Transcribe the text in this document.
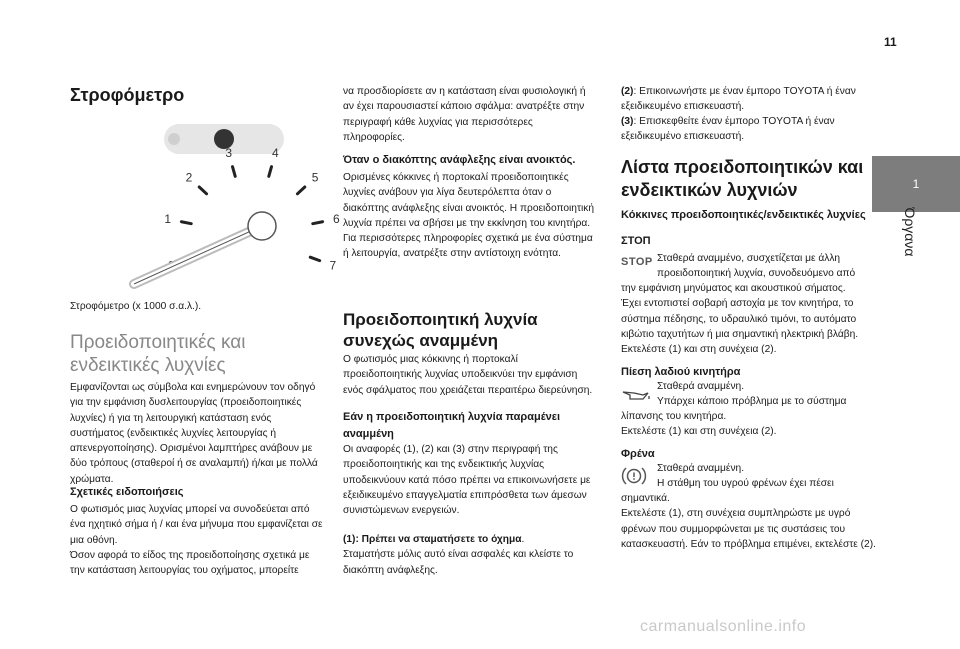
11
1
Όργανα
Στροφόμετρο
1
2
3	4
5
6
7

Στροφόμετρο (x 1000 σ.α.λ.).

Προειδοποιητικές και ενδεικτικές λυχνίες

Εμφανίζονται ως σύμβολα και ενημερώνουν τον οδηγό για την εμφάνιση δυσλειτουργίας (προειδοποιητικές λυχνίες) ή για τη λειτουργική κατάσταση ενός συστήματος (ενδεικτικές λυχνίες λειτουργίας ή απενεργοποίησης). Ορισμένοι λαμπτήρες ανάβουν με δύο τρόπους (σταθεροί ή σε αναλαμπή) ή/και με πολλά χρώματα.

Σχετικές ειδοποιήσεις

Ο φωτισμός μιας λυχνίας μπορεί να συνοδεύεται από ένα ηχητικό σήμα ή / και ένα μήνυμα που εμφανίζεται σε μια οθόνη.
Όσον αφορά το είδος της προειδοποίησης σχετικά με την κατάσταση λειτουργίας του οχήματος, μπορείτε

να προσδιορίσετε αν η κατάσταση είναι φυσιολογική ή αν έχει παρουσιαστεί κάποιο σφάλμα: ανατρέξτε στην περιγραφή κάθε λυχνίας για περισσότερες πληροφορίες.

Όταν ο διακόπτης ανάφλεξης είναι ανοικτός.

Ορισμένες κόκκινες ή πορτοκαλί προειδοποιητικές λυχνίες ανάβουν για λίγα δευτερόλεπτα όταν ο διακόπτης ανάφλεξης είναι ανοικτός. Η προειδοποιητική λυχνία πρέπει να σβήσει με την εκκίνηση του κινητήρα.
Για περισσότερες πληροφορίες σχετικά με ένα σύστημα ή λειτουργία, ανατρέξτε στην αντίστοιχη ενότητα.

Προειδοποιητική λυχνία συνεχώς αναμμένη

Ο φωτισμός μιας κόκκινης ή πορτοκαλί προειδοποιητικής λυχνίας υποδεικνύει την εμφάνιση ενός σφάλματος που χρειάζεται περαιτέρω διερεύνηση.

Εάν η προειδοποιητική λυχνία παραμένει αναμμένη

Οι αναφορές (1), (2) και (3) στην περιγραφή της προειδοποιητικής και της ενδεικτικής λυχνίας υποδεικνύουν κατά πόσο πρέπει να επικοινωνήσετε με εξειδικευμένο επαγγελματία επιπρόσθετα των άμεσων συνιστώμενων ενεργειών.

(1): Πρέπει να σταματήσετε το όχημα.
Σταματήστε μόλις αυτό είναι ασφαλές και κλείστε το διακόπτη ανάφλεξης.

(2): Επικοινωνήστε με έναν έμπορο TOYOTA ή έναν εξειδικευμένο επισκευαστή.

(3): Επισκεφθείτε έναν έμπορο TOYOTA ή έναν εξειδικευμένο επισκευαστή.

Λίστα προειδοποιητικών και ενδεικτικών λυχνιών
Κόκκινες προειδοποιητικές/ενδεικτικές λυχνίες
ΣΤΟΠ
STOP Σταθερά αναμμένο, συσχετίζεται με άλλη

προειδοποιητική λυχνία, συνοδευόμενο από

την εμφάνιση μηνύματος και ακουστικού σήματος.
Έχει εντοπιστεί σοβαρή αστοχία με τον κινητήρα, το σύστημα πέδησης, το υδραυλικό τιμόνι, το αυτόματο κιβώτιο ταχυτήτων ή μια σημαντική ηλεκτρική βλάβη.
Εκτελέστε (1) και στη συνέχεια (2).

Πίεση λαδιού κινητήρα

Σταθερά αναμμένη.

Υπάρχει κάποιο πρόβλημα με το σύστημα

λίπανσης του κινητήρα.
Εκτελέστε (1) και στη συνέχεια (2).

Φρένα

Σταθερά αναμμένη.

Η στάθμη του υγρού φρένων έχει πέσει

σημαντικά.
Εκτελέστε (1), στη συνέχεια συμπληρώστε με υγρό φρένων που συμμορφώνεται με τις συστάσεις του κατασκευαστή. Εάν το πρόβλημα επιμένει, εκτελέστε (2).

carmanualsonline.info
